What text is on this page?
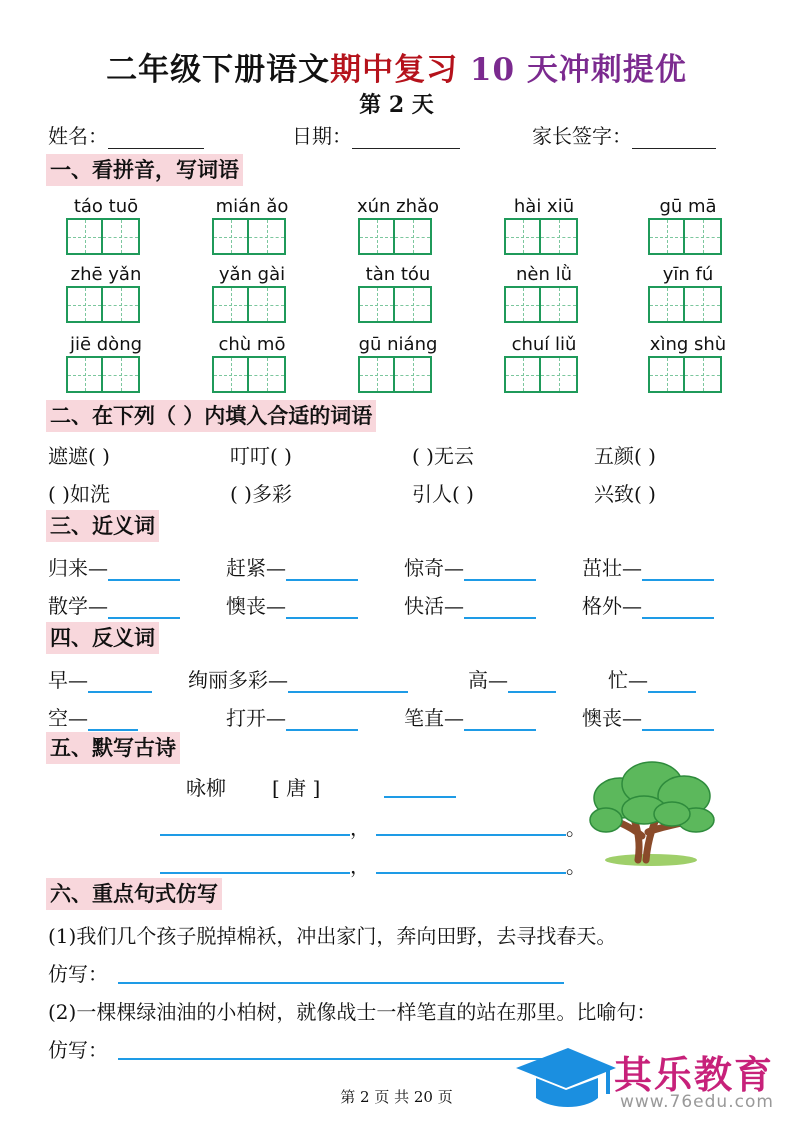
二年级下册语文期中复习 10 天冲刺提优
第 2 天
姓名：	日期：	家长签字：
一、看拼音，写词语
táo tuō	mián ǎo	xún zhǎo	hài xiū	gū mā
zhē yǎn	yǎn gài	tàn tóu	nèn lǜ	yīn fú
jiē dòng	chù mō	gū niáng	chuí liǔ	xìng shù
二、在下列（ ）内填入合适的词语
遮遮( )	叮叮( )	( )无云	五颜( )
( )如洗	( )多彩	引人( )	兴致( )
三、近义词
归来—	赶紧—	惊奇—	茁壮—
散学—	懊丧—	快活—	格外—
四、反义词
早—	绚丽多彩—	高—	忙—
空—	打开—	笔直—	懊丧—
五、默写古诗
咏柳 [ 唐 ]
，	。
，	。
六、重点句式仿写
(1)我们几个孩子脱掉棉袄，冲出家门，奔向田野，去寻找春天。
仿写：
(2)一棵棵绿油油的小柏树，就像战士一样笔直的站在那里。比喻句：
仿写：
第 2 页 共 20 页	其乐教育
www.76edu.com
